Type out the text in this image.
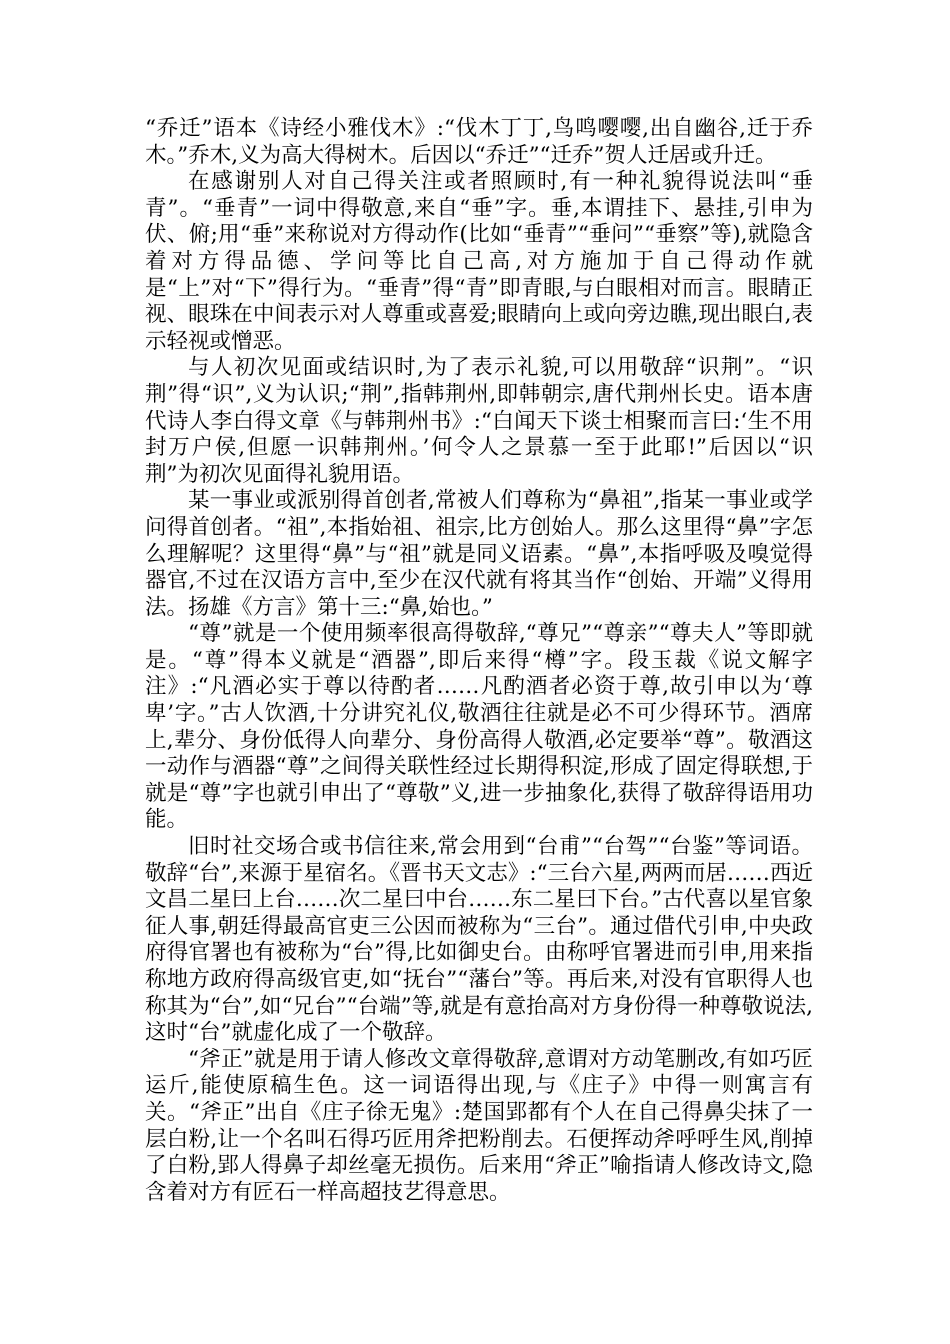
“乔迁”语本《诗经小雅伐木》:“伐木丁丁,鸟鸣嘤嘤,出自幽谷,迁于乔木。”乔木,义为高大得树木。后因以“乔迁”“迁乔”贺人迁居或升迁。

在感谢别人对自己得关注或者照顾时,有一种礼貌得说法叫“垂青”。“垂青”一词中得敬意,来自“垂”字。垂,本谓挂下、悬挂,引申为伏、俯;用“垂”来称说对方得动作(比如“垂青”“垂问”“垂察”等),就隐含着对方得品德、学问等比自己高,对方施加于自己得动作就是“上”对“下”得行为。“垂青”得“青”即青眼,与白眼相对而言。眼睛正视、眼珠在中间表示对人尊重或喜爱;眼睛向上或向旁边瞧,现出眼白,表示轻视或憎恶。

与人初次见面或结识时,为了表示礼貌,可以用敬辞“识荆”。“识荆”得“识”,义为认识;“荆”,指韩荆州,即韩朝宗,唐代荆州长史。语本唐代诗人李白得文章《与韩荆州书》:“白闻天下谈士相聚而言曰:‘生不用封万户侯,但愿一识韩荆州。’何令人之景慕一至于此耶!”后因以“识荆”为初次见面得礼貌用语。

某一事业或派别得首创者,常被人们尊称为“鼻祖”,指某一事业或学问得首创者。“祖”,本指始祖、祖宗,比方创始人。那么这里得“鼻”字怎么理解呢？这里得“鼻”与“祖”就是同义语素。“鼻”,本指呼吸及嗅觉得器官,不过在汉语方言中,至少在汉代就有将其当作“创始、开端”义得用法。扬雄《方言》第十三:“鼻,始也。”

“尊”就是一个使用频率很高得敬辞,“尊兄”“尊亲”“尊夫人”等即就是。“尊”得本义就是“酒器”,即后来得“樽”字。段玉裁《说文解字注》:“凡酒必实于尊以待酌者……凡酌酒者必资于尊,故引申以为‘尊卑’字。”古人饮酒,十分讲究礼仪,敬酒往往就是必不可少得环节。酒席上,辈分、身份低得人向辈分、身份高得人敬酒,必定要举“尊”。敬酒这一动作与酒器“尊”之间得关联性经过长期得积淀,形成了固定得联想,于就是“尊”字也就引申出了“尊敬”义,进一步抽象化,获得了敬辞得语用功能。

旧时社交场合或书信往来,常会用到“台甫”“台驾”“台鉴”等词语。敬辞“台”,来源于星宿名。《晋书天文志》:“三台六星,两两而居……西近文昌二星曰上台……次二星曰中台……东二星曰下台。”古代喜以星官象征人事,朝廷得最高官吏三公因而被称为“三台”。通过借代引申,中央政府得官署也有被称为“台”得,比如御史台。由称呼官署进而引申,用来指称地方政府得高级官吏,如“抚台”“藩台”等。再后来,对没有官职得人也称其为“台”,如“兄台”“台端”等,就是有意抬高对方身份得一种尊敬说法,这时“台”就虚化成了一个敬辞。

“斧正”就是用于请人修改文章得敬辞,意谓对方动笔删改,有如巧匠运斤,能使原稿生色。这一词语得出现,与《庄子》中得一则寓言有关。“斧正”出自《庄子徐无鬼》:楚国郢都有个人在自己得鼻尖抹了一层白粉,让一个名叫石得巧匠用斧把粉削去。石便挥动斧呼呼生风,削掉了白粉,郢人得鼻子却丝毫无损伤。后来用“斧正”喻指请人修改诗文,隐含着对方有匠石一样高超技艺得意思。
